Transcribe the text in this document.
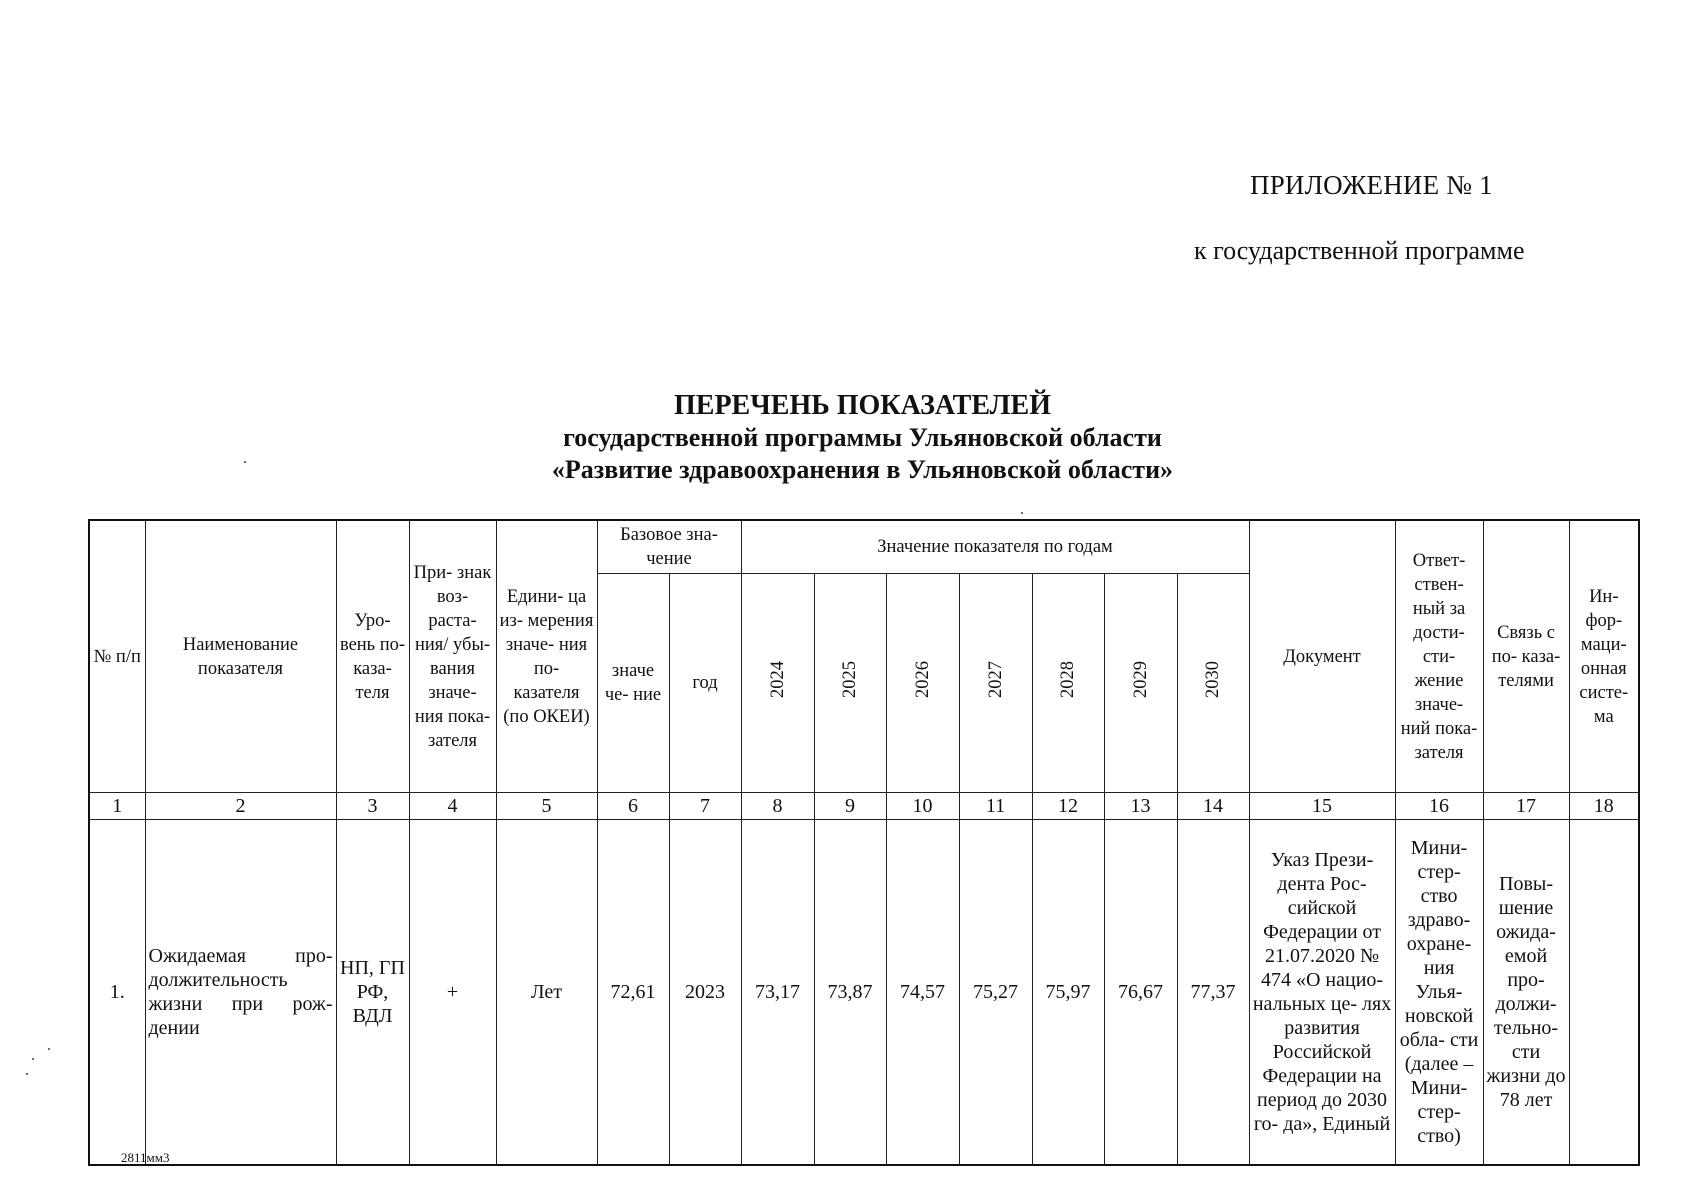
ПРИЛОЖЕНИЕ № 1
к государственной программе
ПЕРЕЧЕНЬ ПОКАЗАТЕЛЕЙ
государственной программы Ульяновской области
«Развитие здравоохранения в Ульяновской области»
№ п/п	Наименование показателя	Уро- вень по- каза- теля	При- знак воз- раста- ния/ убы- вания значе- ния пока- зателя	Едини- ца из- мерения значе- ния по- казателя (по ОКЕИ)	Базовое зна- чение		Значение показателя по годам							Документ	Ответ- ствен- ный за дости- сти- жение значе- ний пока- зателя	Связь с по- каза- телями	Ин- фор- маци- онная систе- ма
					значе че- ние	год	2024	2025	2026	2027	2028	2029	2030				
1	2	3	4	5	6	7	8	9	10	11	12	13	14	15	16	17	18
1.	Ожидаемая про- должительность жизни при рож- дении	НП, ГП РФ, ВДЛ	+	Лет	72,61	2023	73,17	73,87	74,57	75,27	75,97	76,67	77,37	Указ Прези- дента Рос- сийской Федерации от 21.07.2020 № 474 «О нацио- нальных це- лях развития Российской Федерации на период до 2030 го- да», Единый	Мини- стер- ство здраво- охране- ния Улья- новской обла- сти (далее – Мини- стер- ство)	Повы- шение ожида- емой про- должи- тельно- сти жизни до 78 лет	
2811мм3
